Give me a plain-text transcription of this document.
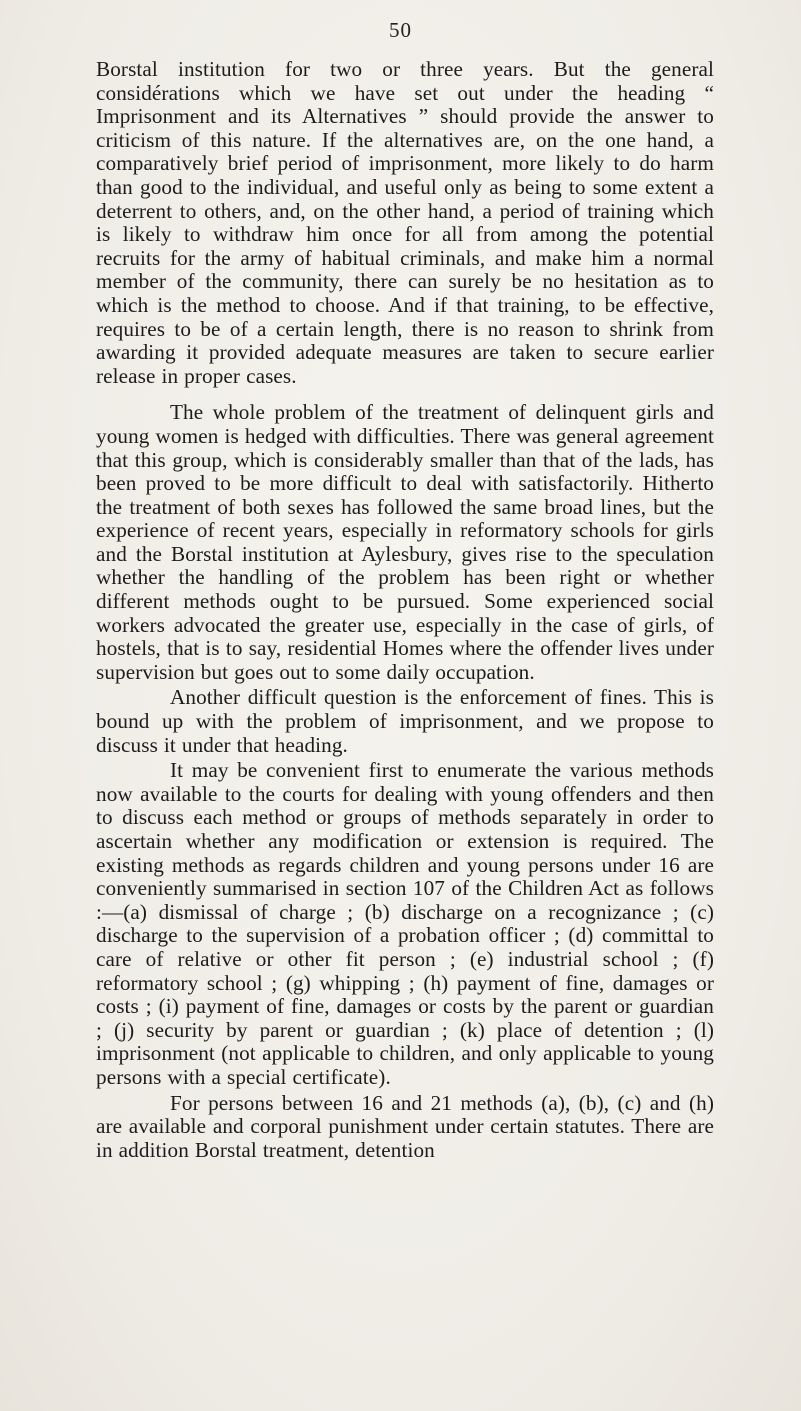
50

Borstal institution for two or three years. But the general considérations which we have set out under the heading “ Imprisonment and its Alternatives ” should provide the answer to criticism of this nature. If the alternatives are, on the one hand, a comparatively brief period of imprisonment, more likely to do harm than good to the individual, and useful only as being to some extent a deterrent to others, and, on the other hand, a period of training which is likely to withdraw him once for all from among the potential recruits for the army of habitual criminals, and make him a normal member of the community, there can surely be no hesitation as to which is the method to choose. And if that training, to be effective, requires to be of a certain length, there is no reason to shrink from awarding it provided adequate measures are taken to secure earlier release in proper cases.

The whole problem of the treatment of delinquent girls and young women is hedged with difficulties. There was general agreement that this group, which is considerably smaller than that of the lads, has been proved to be more difficult to deal with satisfactorily. Hitherto the treatment of both sexes has followed the same broad lines, but the experience of recent years, especially in reformatory schools for girls and the Borstal institution at Aylesbury, gives rise to the speculation whether the handling of the problem has been right or whether different methods ought to be pursued. Some experienced social workers advocated the greater use, especially in the case of girls, of hostels, that is to say, residential Homes where the offender lives under supervision but goes out to some daily occupation.

Another difficult question is the enforcement of fines. This is bound up with the problem of imprisonment, and we propose to discuss it under that heading.

It may be convenient first to enumerate the various methods now available to the courts for dealing with young offenders and then to discuss each method or groups of methods separately in order to ascertain whether any modification or extension is required. The existing methods as regards children and young persons under 16 are conveniently summarised in section 107 of the Children Act as follows :—(a) dismissal of charge ; (b) discharge on a recognizance ; (c) discharge to the supervision of a probation officer ; (d) committal to care of relative or other fit person ; (e) industrial school ; (f) reformatory school ; (g) whipping ; (h) payment of fine, damages or costs ; (i) payment of fine, damages or costs by the parent or guardian ; (j) security by parent or guardian ; (k) place of detention ; (l) imprisonment (not applicable to children, and only applicable to young persons with a special certificate).

For persons between 16 and 21 methods (a), (b), (c) and (h) are available and corporal punishment under certain statutes. There are in addition Borstal treatment, detention
